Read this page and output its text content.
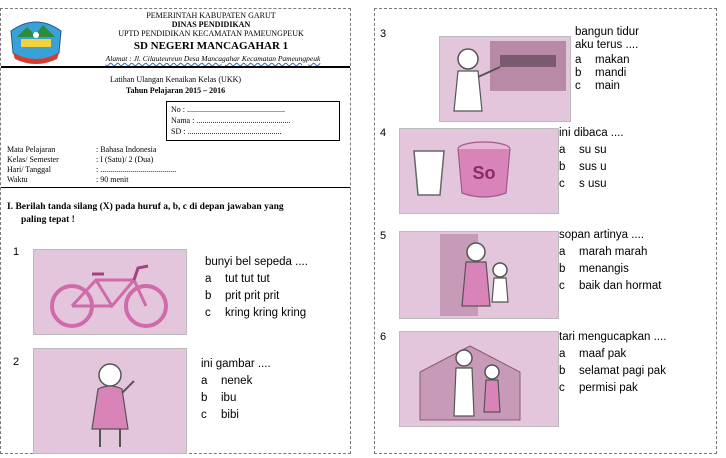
PEMERINTAH KABUPATEN GARUT
DINAS PENDIDIKAN
UPTD PENDIDIKAN KECAMATAN PAMEUNGPEUK
SD NEGERI MANCAGAHAR 1
Alamat : Jl. Cilauteureun Desa Mancagahar Kecamatan Pameungpeuk
Latihan Ulangan Kenaikan Kelas (UKK)
Tahun Pelajaran 2015 – 2016
No : .................................................
Nama : ...............................................
SD : ...............................................
Mata Pelajaran	: Bahasa Indonesia
Kelas/ Semester	: I (Satu)/ 2 (Dua)
Hari/ Tanggal	: ......................................
Waktu	: 90 menit
I. Berilah tanda silang (X) pada huruf a, b, c di depan jawaban yang
paling tepat !
1
bunyi bel sepeda ....
a tut tut tut
b prit prit prit
c kring kring kring
2	ini gambar ....
a nenek
b ibu
c bibi
3	bangun tidur
aku terus ....
a makan
b mandi
c main
4
So
ini dibaca ....
a su su
b sus u
c s usu
5	sopan artinya ....
a marah marah
b menangis
c baik dan hormat
6	tari mengucapkan ....
a maaf pak
b selamat pagi pak
c permisi pak
